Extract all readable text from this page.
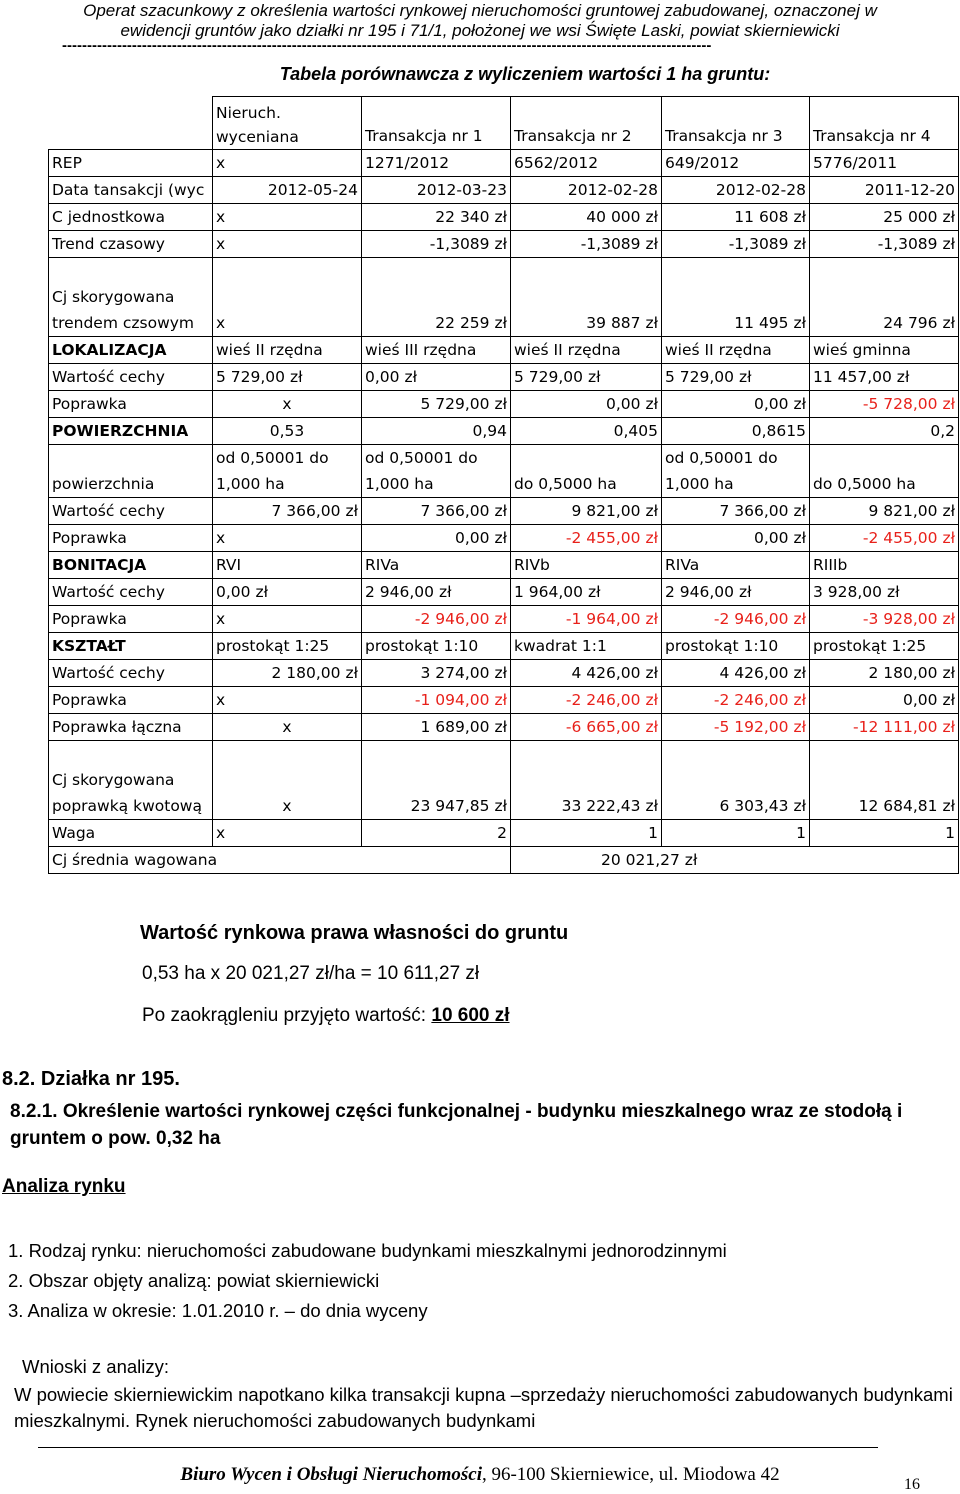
Operat szacunkowy z określenia wartości rynkowej nieruchomości gruntowej zabudowanej, oznaczonej w
ewidencji gruntów jako działki nr 195 i 71/1, położonej we wsi Święte Laski, powiat skierniewicki
----------------------------------------------------------------------------------------------------------------------------------
Tabela porównawcza z wyliczeniem wartości 1 ha gruntu:
	Nieruch. wyceniana	Transakcja nr 1	Transakcja nr 2	Transakcja nr 3	Transakcja nr 4
REP	x	1271/2012	6562/2012	649/2012	5776/2011
Data tansakcji (wyc	2012-05-24	2012-03-23	2012-02-28	2012-02-28	2011-12-20
C jednostkowa	x	22 340 zł	40 000 zł	11 608 zł	25 000 zł
Trend czasowy	x	-1,3089 zł	-1,3089 zł	-1,3089 zł	-1,3089 zł
Cj skorygowana trendem czsowym	x	22 259 zł	39 887 zł	11 495 zł	24 796 zł
LOKALIZACJA	wieś II rzędna	wieś III rzędna	wieś II rzędna	wieś II rzędna	wieś gminna
Wartość cechy	5 729,00 zł	0,00 zł	5 729,00 zł	5 729,00 zł	11 457,00 zł
Poprawka	x	5 729,00 zł	0,00 zł	0,00 zł	-5 728,00 zł
POWIERZCHNIA	0,53	0,94	0,405	0,8615	0,2
powierzchnia	od 0,50001 do 1,000 ha	od 0,50001 do 1,000 ha	do 0,5000 ha	od 0,50001 do 1,000 ha	do 0,5000 ha
Wartość cechy	7 366,00 zł	7 366,00 zł	9 821,00 zł	7 366,00 zł	9 821,00 zł
Poprawka	x	0,00 zł	-2 455,00 zł	0,00 zł	-2 455,00 zł
BONITACJA	RVI	RIVa	RIVb	RIVa	RIIIb
Wartość cechy	0,00 zł	2 946,00 zł	1 964,00 zł	2 946,00 zł	3 928,00 zł
Poprawka	x	-2 946,00 zł	-1 964,00 zł	-2 946,00 zł	-3 928,00 zł
KSZTAŁT	prostokąt 1:25	prostokąt 1:10	kwadrat 1:1	prostokąt 1:10	prostokąt 1:25
Wartość cechy	2 180,00 zł	3 274,00 zł	4 426,00 zł	4 426,00 zł	2 180,00 zł
Poprawka	x	-1 094,00 zł	-2 246,00 zł	-2 246,00 zł	0,00 zł
Poprawka łączna	x	1 689,00 zł	-6 665,00 zł	-5 192,00 zł	-12 111,00 zł
Cj skorygowana poprawką kwotową	x	23 947,85 zł	33 222,43 zł	6 303,43 zł	12 684,81 zł
Waga	x	2	1	1	1
Cj średnia wagowana			20 021,27 zł		
Wartość rynkowa prawa własności do gruntu
0,53 ha x 20 021,27 zł/ha = 10 611,27 zł
Po zaokrągleniu przyjęto wartość: 10 600 zł
8.2. Działka nr 195.
8.2.1. Określenie wartości rynkowej części funkcjonalnej - budynku mieszkalnego wraz ze stodołą i gruntem o pow. 0,32 ha
Analiza rynku
1. Rodzaj rynku: nieruchomości zabudowane budynkami mieszkalnymi jednorodzinnymi
2. Obszar objęty analizą: powiat skierniewicki
3. Analiza w okresie: 1.01.2010 r. – do dnia wyceny
Wnioski z analizy:
W powiecie skierniewickim napotkano kilka transakcji kupna –sprzedaży nieruchomości zabudowanych budynkami mieszkalnymi. Rynek nieruchomości zabudowanych budynkami
Biuro Wycen i Obsługi Nieruchomości, 96-100 Skierniewice, ul. Miodowa 42	16
